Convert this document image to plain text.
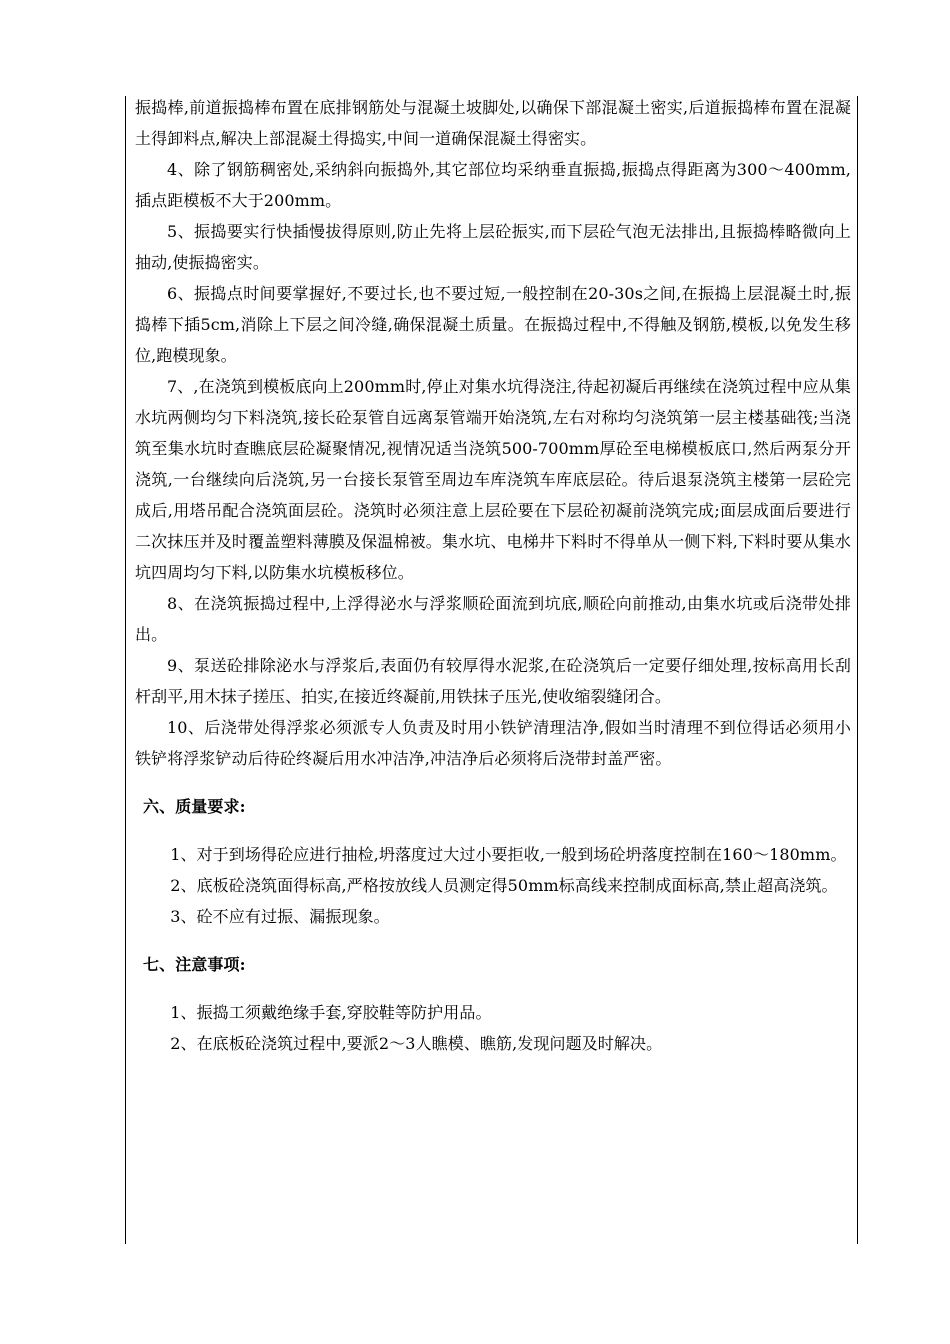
振捣棒,前道振捣棒布置在底排钢筋处与混凝土坡脚处,以确保下部混凝土密实,后道振捣棒布置在混凝土得卸料点,解决上部混凝土得捣实,中间一道确保混凝土得密实。

4、除了钢筋稠密处,采纳斜向振捣外,其它部位均采纳垂直振捣,振捣点得距离为300～400mm,插点距模板不大于200mm。

5、振捣要实行快插慢拔得原则,防止先将上层砼振实,而下层砼气泡无法排出,且振捣棒略微向上抽动,使振捣密实。

6、振捣点时间要掌握好,不要过长,也不要过短,一般控制在20-30s之间,在振捣上层混凝土时,振捣棒下插5cm,消除上下层之间冷缝,确保混凝土质量。在振捣过程中,不得触及钢筋,模板,以免发生移位,跑模现象。

7、,在浇筑到模板底向上200mm时,停止对集水坑得浇注,待起初凝后再继续在浇筑过程中应从集水坑两侧均匀下料浇筑,接长砼泵管自远离泵管端开始浇筑,左右对称均匀浇筑第一层主楼基础筏;当浇筑至集水坑时查瞧底层砼凝聚情况,视情况适当浇筑500-700mm厚砼至电梯模板底口,然后两泵分开浇筑,一台继续向后浇筑,另一台接长泵管至周边车库浇筑车库底层砼。待后退泵浇筑主楼第一层砼完成后,用塔吊配合浇筑面层砼。浇筑时必须注意上层砼要在下层砼初凝前浇筑完成;面层成面后要进行二次抹压并及时覆盖塑料薄膜及保温棉被。集水坑、电梯井下料时不得单从一侧下料,下料时要从集水坑四周均匀下料,以防集水坑模板移位。

8、在浇筑振捣过程中,上浮得泌水与浮浆顺砼面流到坑底,顺砼向前推动,由集水坑或后浇带处排出。

9、泵送砼排除泌水与浮浆后,表面仍有较厚得水泥浆,在砼浇筑后一定要仔细处理,按标高用长刮杆刮平,用木抹子搓压、拍实,在接近终凝前,用铁抹子压光,使收缩裂缝闭合。

10、后浇带处得浮浆必须派专人负责及时用小铁铲清理洁净,假如当时清理不到位得话必须用小铁铲将浮浆铲动后待砼终凝后用水冲洁净,冲洁净后必须将后浇带封盖严密。

六、质量要求:

1、对于到场得砼应进行抽检,坍落度过大过小要拒收,一般到场砼坍落度控制在160～180mm。

2、底板砼浇筑面得标高,严格按放线人员测定得50mm标高线来控制成面标高,禁止超高浇筑。

3、砼不应有过振、漏振现象。

七、注意事项:

1、振捣工须戴绝缘手套,穿胶鞋等防护用品。

2、在底板砼浇筑过程中,要派2～3人瞧模、瞧筋,发现问题及时解决。
